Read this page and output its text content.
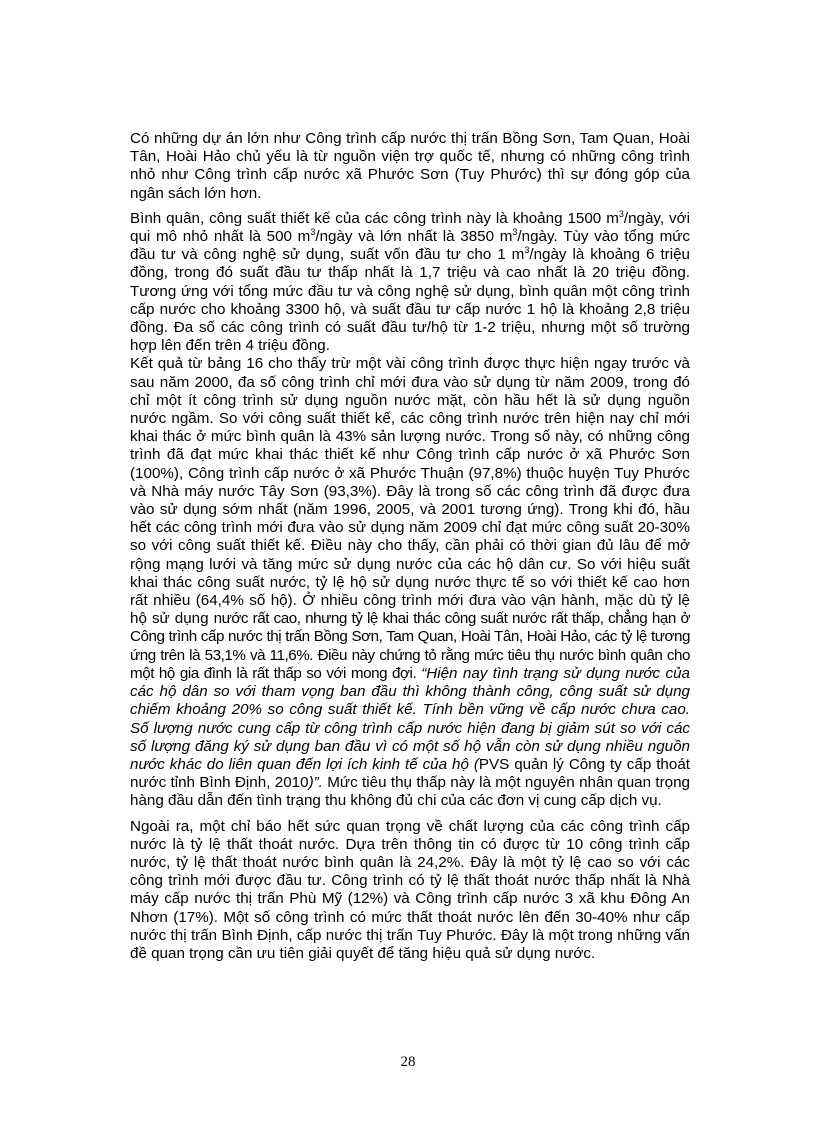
Có những dự án lớn như Công trình cấp nước thị trấn Bồng Sơn, Tam Quan, Hoài Tân, Hoài Hảo chủ yếu là từ nguồn viện trợ quốc tế, nhưng có những công trình nhỏ như Công trình cấp nước xã Phước Sơn (Tuy Phước) thì sự đóng góp của ngân sách lớn hơn.

Bình quân, công suất thiết kế của các công trình này là khoảng 1500 $m^3$/ngày, với qui mô nhỏ nhất là 500 $m^3$/ngày và lớn nhất là 3850 $m^3$/ngày. Tùy vào tổng mức đầu tư và công nghệ sử dụng, suất vốn đầu tư cho 1 $m^3$/ngày là khoảng 6 triệu đồng, trong đó suất đầu tư thấp nhất là 1,7 triệu và cao nhất là 20 triệu đồng. Tương ứng với tổng mức đầu tư và công nghệ sử dụng, bình quân một công trình cấp nước cho khoảng 3300 hộ, và suất đầu tư cấp nước 1 hộ là khoảng 2,8 triệu đồng. Đa số các công trình có suất đầu tư/hộ từ 1-2 triệu, nhưng một số trường hợp lên đến trên 4 triệu đồng.

Kết quả từ bảng 16 cho thấy trừ một vài công trình được thực hiện ngay trước và sau năm 2000, đa số công trình chỉ mới đưa vào sử dụng từ năm 2009, trong đó chỉ một ít công trình sử dụng nguồn nước mặt, còn hầu hết là sử dụng nguồn nước ngầm. So với công suất thiết kế, các công trình nước trên hiện nay chỉ mới khai thác ở mức bình quân là 43% sản lượng nước. Trong số này, có những công trình đã đạt mức khai thác thiết kế như Công trình cấp nước ở xã Phước Sơn (100%), Công trình cấp nước ở xã Phước Thuận (97,8%) thuộc huyện Tuy Phước và Nhà máy nước Tây Sơn (93,3%). Đây là trong số các công trình đã được đưa vào sử dụng sớm nhất (năm 1996, 2005, và 2001 tương ứng). Trong khi đó, hầu hết các công trình mới đưa vào sử dụng năm 2009 chỉ đạt mức công suất 20-30% so với công suất thiết kế. Điều này cho thấy, cần phải có thời gian đủ lâu để mở rộng mạng lưới và tăng mức sử dụng nước của các hộ dân cư. So với hiệu suất khai thác công suất nước, tỷ lệ hộ sử dụng nước thực tế so với thiết kế cao hơn rất nhiều (64,4% số hộ). Ở nhiều công trình mới đưa vào vận hành, mặc dù tỷ lệ hộ sử dụng nước rất cao, nhưng tỷ lệ khai thác công suất nước rất thấp, chẳng hạn ở Công trình cấp nước thị trấn Bồng Sơn, Tam Quan, Hoài Tân, Hoài Hảo, các tỷ lệ tương ứng trên là 53,1% và 11,6%. Điều này chứng tỏ rằng mức tiêu thụ nước bình quân cho một hộ gia đình là rất thấp so với mong đợi. “Hiện nay tình trạng sử dụng nước của các hộ dân so với tham vọng ban đầu thì không thành công, công suất sử dụng chiếm khoảng 20% so công suất thiết kế. Tính bền vững về cấp nước chưa cao. Số lượng nước cung cấp từ công trình cấp nước hiện đang bị giảm sút so với các số lượng đăng ký sử dụng ban đầu vì có một số hộ vẫn còn sử dụng nhiều nguồn nước khác do liên quan đến lợi ích kinh tế của hộ (PVS quản lý Công ty cấp thoát nước tỉnh Bình Định, 2010)”. Mức tiêu thụ thấp này là một nguyên nhân quan trọng hàng đầu dẫn đến tình trạng thu không đủ chi của các đơn vị cung cấp dịch vụ.

Ngoài ra, một chỉ báo hết sức quan trọng về chất lượng của các công trình cấp nước là tỷ lệ thất thoát nước. Dựa trên thông tin có được từ 10 công trình cấp nước, tỷ lệ thất thoát nước bình quân là 24,2%. Đây là một tỷ lệ cao so với các công trình mới được đầu tư. Công trình có tỷ lệ thất thoát nước thấp nhất là Nhà máy cấp nước thị trấn Phù Mỹ (12%) và Công trình cấp nước 3 xã khu Đông An Nhơn (17%). Một số công trình có mức thất thoát nước lên đến 30-40% như cấp nước thị trấn Bình Định, cấp nước thị trấn Tuy Phước. Đây là một trong những vấn đề quan trọng cần ưu tiên giải quyết để tăng hiệu quả sử dụng nước.

28
